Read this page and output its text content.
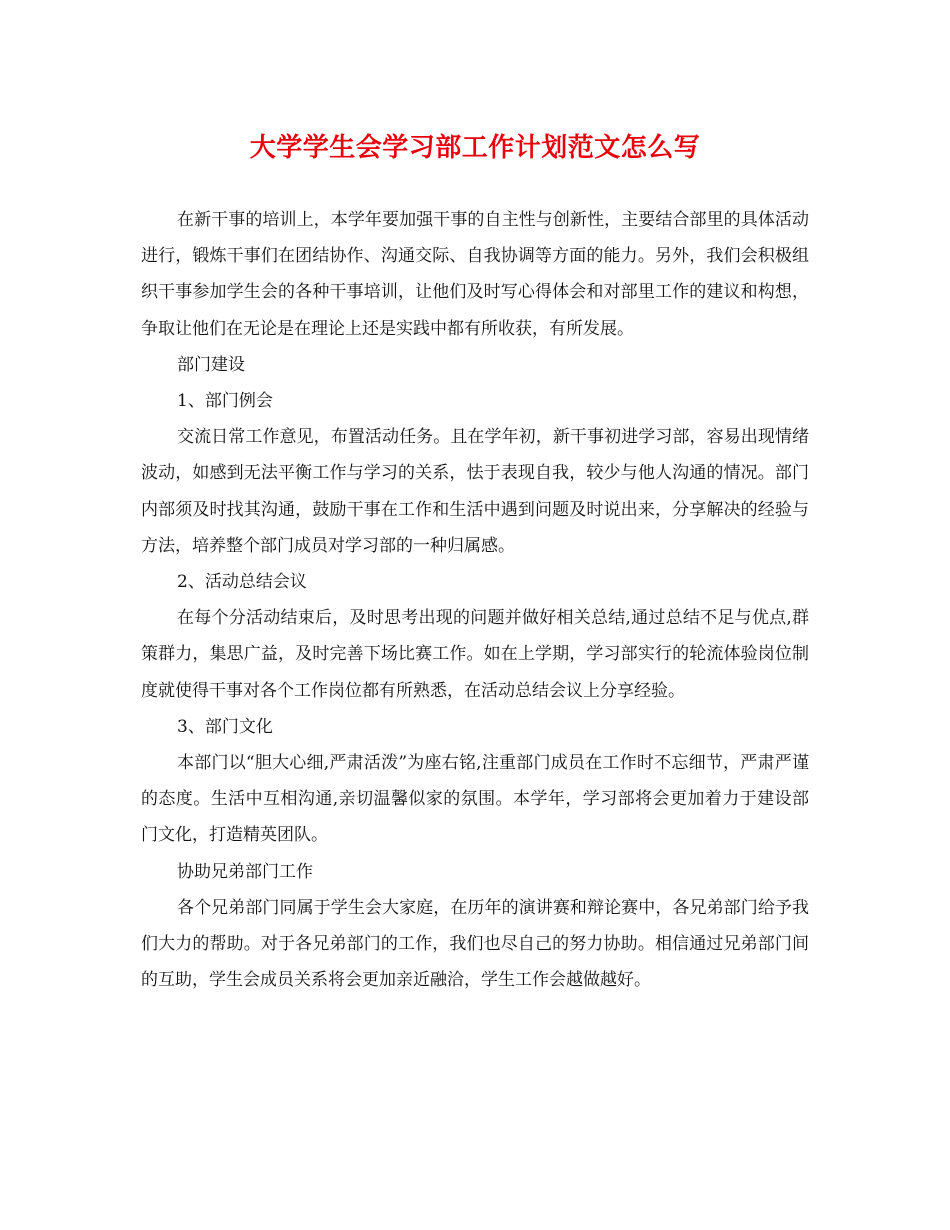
大学学生会学习部工作计划范文怎么写

在新干事的培训上，本学年要加强干事的自主性与创新性，主要结合部里的具体活动进行，锻炼干事们在团结协作、沟通交际、自我协调等方面的能力。另外，我们会积极组织干事参加学生会的各种干事培训，让他们及时写心得体会和对部里工作的建议和构想，争取让他们在无论是在理论上还是实践中都有所收获，有所发展。

部门建设

1、部门例会

交流日常工作意见，布置活动任务。且在学年初，新干事初进学习部，容易出现情绪波动，如感到无法平衡工作与学习的关系，怯于表现自我，较少与他人沟通的情况。部门内部须及时找其沟通，鼓励干事在工作和生活中遇到问题及时说出来，分享解决的经验与方法，培养整个部门成员对学习部的一种归属感。

2、活动总结会议

在每个分活动结束后，及时思考出现的问题并做好相关总结,通过总结不足与优点,群策群力，集思广益，及时完善下场比赛工作。如在上学期，学习部实行的轮流体验岗位制度就使得干事对各个工作岗位都有所熟悉，在活动总结会议上分享经验。

3、部门文化

本部门以“胆大心细,严肃活泼”为座右铭,注重部门成员在工作时不忘细节，严肃严谨的态度。生活中互相沟通,亲切温馨似家的氛围。本学年，学习部将会更加着力于建设部门文化，打造精英团队。

协助兄弟部门工作

各个兄弟部门同属于学生会大家庭，在历年的演讲赛和辩论赛中，各兄弟部门给予我们大力的帮助。对于各兄弟部门的工作，我们也尽自己的努力协助。相信通过兄弟部门间的互助，学生会成员关系将会更加亲近融洽，学生工作会越做越好。
